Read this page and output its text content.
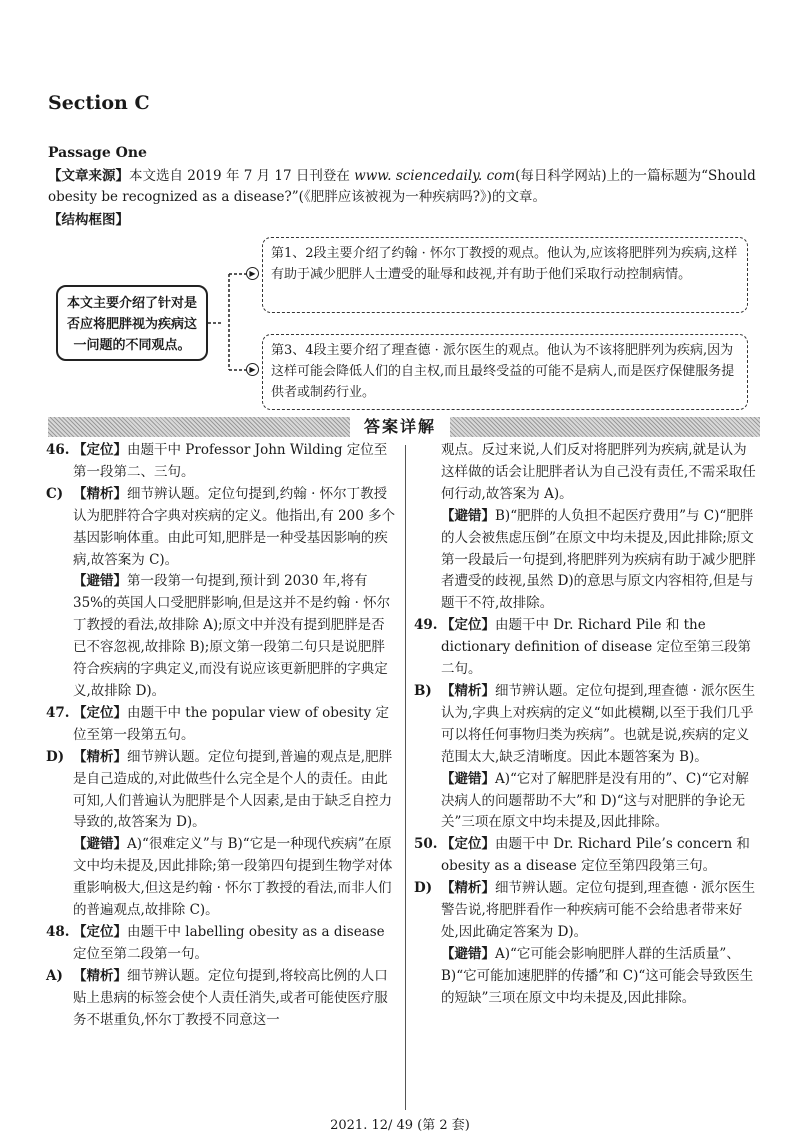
Section C
Passage One
【文章来源】本文选自 2019 年 7 月 17 日刊登在 www. sciencedaily. com(每日科学网站)上的一篇标题为“Should obesity be recognized as a disease?”(《肥胖应该被视为一种疾病吗?》)的文章。
【结构框图】
本文主要介绍了针对是否应将肥胖视为疾病这一问题的不同观点。
▶
▶
第1、2段主要介绍了约翰 · 怀尔丁教授的观点。他认为,应该将肥胖列为疾病,这样有助于减少肥胖人士遭受的耻辱和歧视,并有助于他们采取行动控制病情。
第3、4段主要介绍了理查德 · 派尔医生的观点。他认为不该将肥胖列为疾病,因为这样可能会降低人们的自主权,而且最终受益的可能不是病人,而是医疗保健服务提供者或制药行业。
答案详解
46. 【定位】由题干中 Professor John Wilding 定位至第一段第二、三句。
C) 【精析】细节辨认题。定位句提到,约翰 · 怀尔丁教授认为肥胖符合字典对疾病的定义。他指出,有 200 多个基因影响体重。由此可知,肥胖是一种受基因影响的疾病,故答案为 C)。
【避错】第一段第一句提到,预计到 2030 年,将有 35%的英国人口受肥胖影响,但是这并不是约翰 · 怀尔丁教授的看法,故排除 A);原文中并没有提到肥胖是否已不容忽视,故排除 B);原文第一段第二句只是说肥胖符合疾病的字典定义,而没有说应该更新肥胖的字典定义,故排除 D)。
47. 【定位】由题干中 the popular view of obesity 定位至第一段第五句。
D) 【精析】细节辨认题。定位句提到,普遍的观点是,肥胖是自己造成的,对此做些什么完全是个人的责任。由此可知,人们普遍认为肥胖是个人因素,是由于缺乏自控力导致的,故答案为 D)。
【避错】A)“很难定义”与 B)“它是一种现代疾病”在原文中均未提及,因此排除;第一段第四句提到生物学对体重影响极大,但这是约翰 · 怀尔丁教授的看法,而非人们的普遍观点,故排除 C)。
48. 【定位】由题干中 labelling obesity as a disease 定位至第二段第一句。
A) 【精析】细节辨认题。定位句提到,将较高比例的人口贴上患病的标签会使个人责任消失,或者可能使医疗服务不堪重负,怀尔丁教授不同意这一
观点。反过来说,人们反对将肥胖列为疾病,就是认为这样做的话会让肥胖者认为自己没有责任,不需采取任何行动,故答案为 A)。
【避错】B)“肥胖的人负担不起医疗费用”与 C)“肥胖的人会被焦虑压倒”在原文中均未提及,因此排除;原文第一段最后一句提到,将肥胖列为疾病有助于减少肥胖者遭受的歧视,虽然 D)的意思与原文内容相符,但是与题干不符,故排除。
49. 【定位】由题干中 Dr. Richard Pile 和 the dictionary definition of disease 定位至第三段第二句。
B) 【精析】细节辨认题。定位句提到,理查德 · 派尔医生认为,字典上对疾病的定义“如此模糊,以至于我们几乎可以将任何事物归类为疾病”。也就是说,疾病的定义范围太大,缺乏清晰度。因此本题答案为 B)。
【避错】A)“它对了解肥胖是没有用的”、C)“它对解决病人的问题帮助不大”和 D)“这与对肥胖的争论无关”三项在原文中均未提及,因此排除。
50. 【定位】由题干中 Dr. Richard Pile’s concern 和 obesity as a disease 定位至第四段第三句。
D) 【精析】细节辨认题。定位句提到,理查德 · 派尔医生警告说,将肥胖看作一种疾病可能不会给患者带来好处,因此确定答案为 D)。
【避错】A)“它可能会影响肥胖人群的生活质量”、B)“它可能加速肥胖的传播”和 C)“这可能会导致医生的短缺”三项在原文中均未提及,因此排除。
2021. 12/ 49 (第 2 套)
